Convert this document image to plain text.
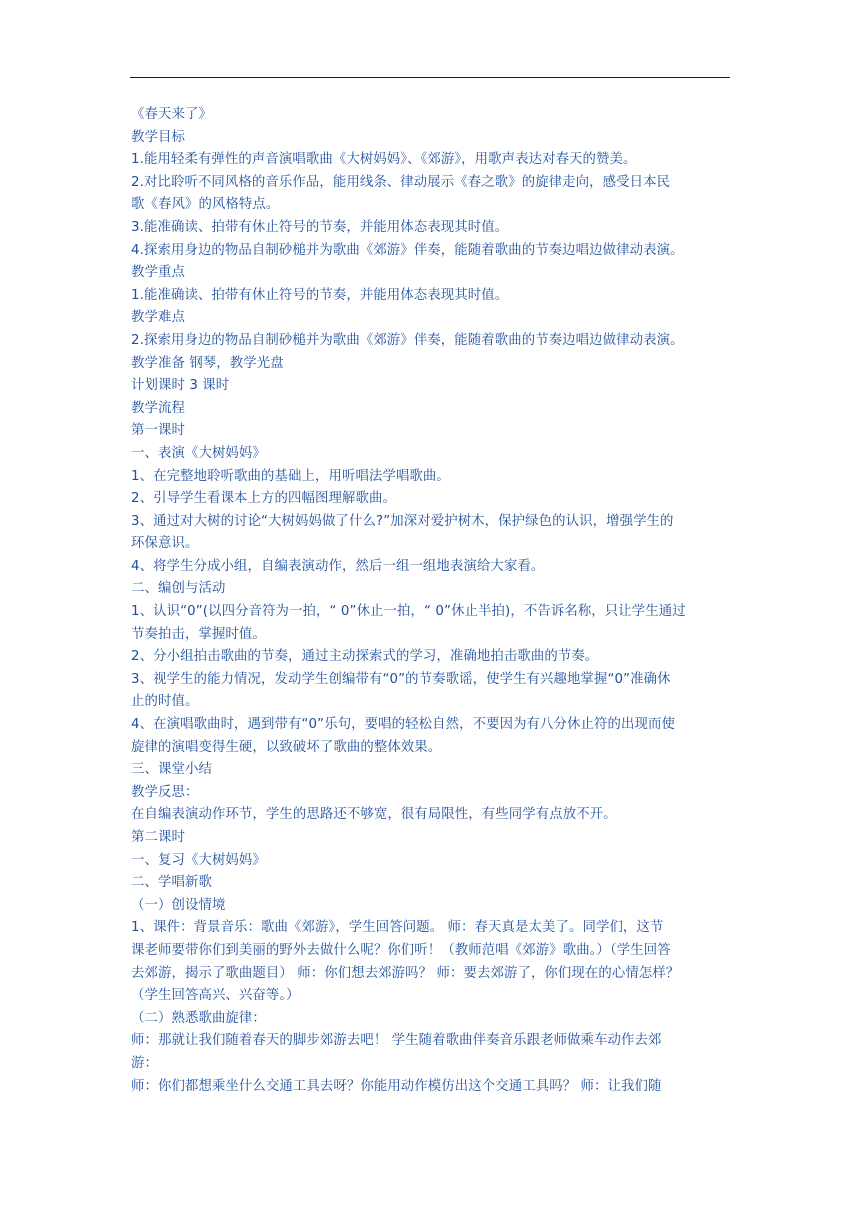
《春天来了》
教学目标
1.能用轻柔有弹性的声音演唱歌曲《大树妈妈》、《郊游》，用歌声表达对春天的赞美。
2.对比聆听不同风格的音乐作品，能用线条、律动展示《春之歌》的旋律走向，感受日本民
歌《春风》的风格特点。
3.能准确读、拍带有休止符号的节奏，并能用体态表现其时值。
4.探索用身边的物品自制砂槌并为歌曲《郊游》伴奏，能随着歌曲的节奏边唱边做律动表演。
教学重点
1.能准确读、拍带有休止符号的节奏，并能用体态表现其时值。
教学难点
2.探索用身边的物品自制砂槌并为歌曲《郊游》伴奏，能随着歌曲的节奏边唱边做律动表演。
教学准备 钢琴，教学光盘
计划课时 3 课时
教学流程
第一课时
一、表演《大树妈妈》
1、在完整地聆听歌曲的基础上，用听唱法学唱歌曲。
2、引导学生看课本上方的四幅图理解歌曲。
3、通过对大树的讨论“大树妈妈做了什么?”加深对爱护树木，保护绿色的认识，增强学生的
环保意识。
4、将学生分成小组，自编表演动作，然后一组一组地表演给大家看。
二、编创与活动
1、认识“0”(以四分音符为一拍，“ 0”休止一拍，“ 0”休止半拍)，不告诉名称，只让学生通过
节奏拍击，掌握时值。
2、分小组拍击歌曲的节奏，通过主动探索式的学习，准确地拍击歌曲的节奏。
3、视学生的能力情况，发动学生创编带有“0”的节奏歌谣，使学生有兴趣地掌握“0”准确休
止的时值。
4、在演唱歌曲时，遇到带有“0”乐句，要唱的轻松自然，不要因为有八分休止符的出现而使
旋律的演唱变得生硬，以致破坏了歌曲的整体效果。
三、课堂小结
教学反思：
在自编表演动作环节，学生的思路还不够宽，很有局限性，有些同学有点放不开。
第二课时
一、复习《大树妈妈》
二、学唱新歌
（一）创设情境
1、课件：背景音乐：歌曲《郊游》，学生回答问题。 师：春天真是太美了。同学们，这节
课老师要带你们到美丽的野外去做什么呢？你们听！（教师范唱《郊游》歌曲。）（学生回答
去郊游，揭示了歌曲题目） 师：你们想去郊游吗？ 师：要去郊游了，你们现在的心情怎样？
（学生回答高兴、兴奋等。）
（二）熟悉歌曲旋律：
师：那就让我们随着春天的脚步郊游去吧！ 学生随着歌曲伴奏音乐跟老师做乘车动作去郊
游：
师：你们都想乘坐什么交通工具去呀？你能用动作模仿出这个交通工具吗？ 师：让我们随
